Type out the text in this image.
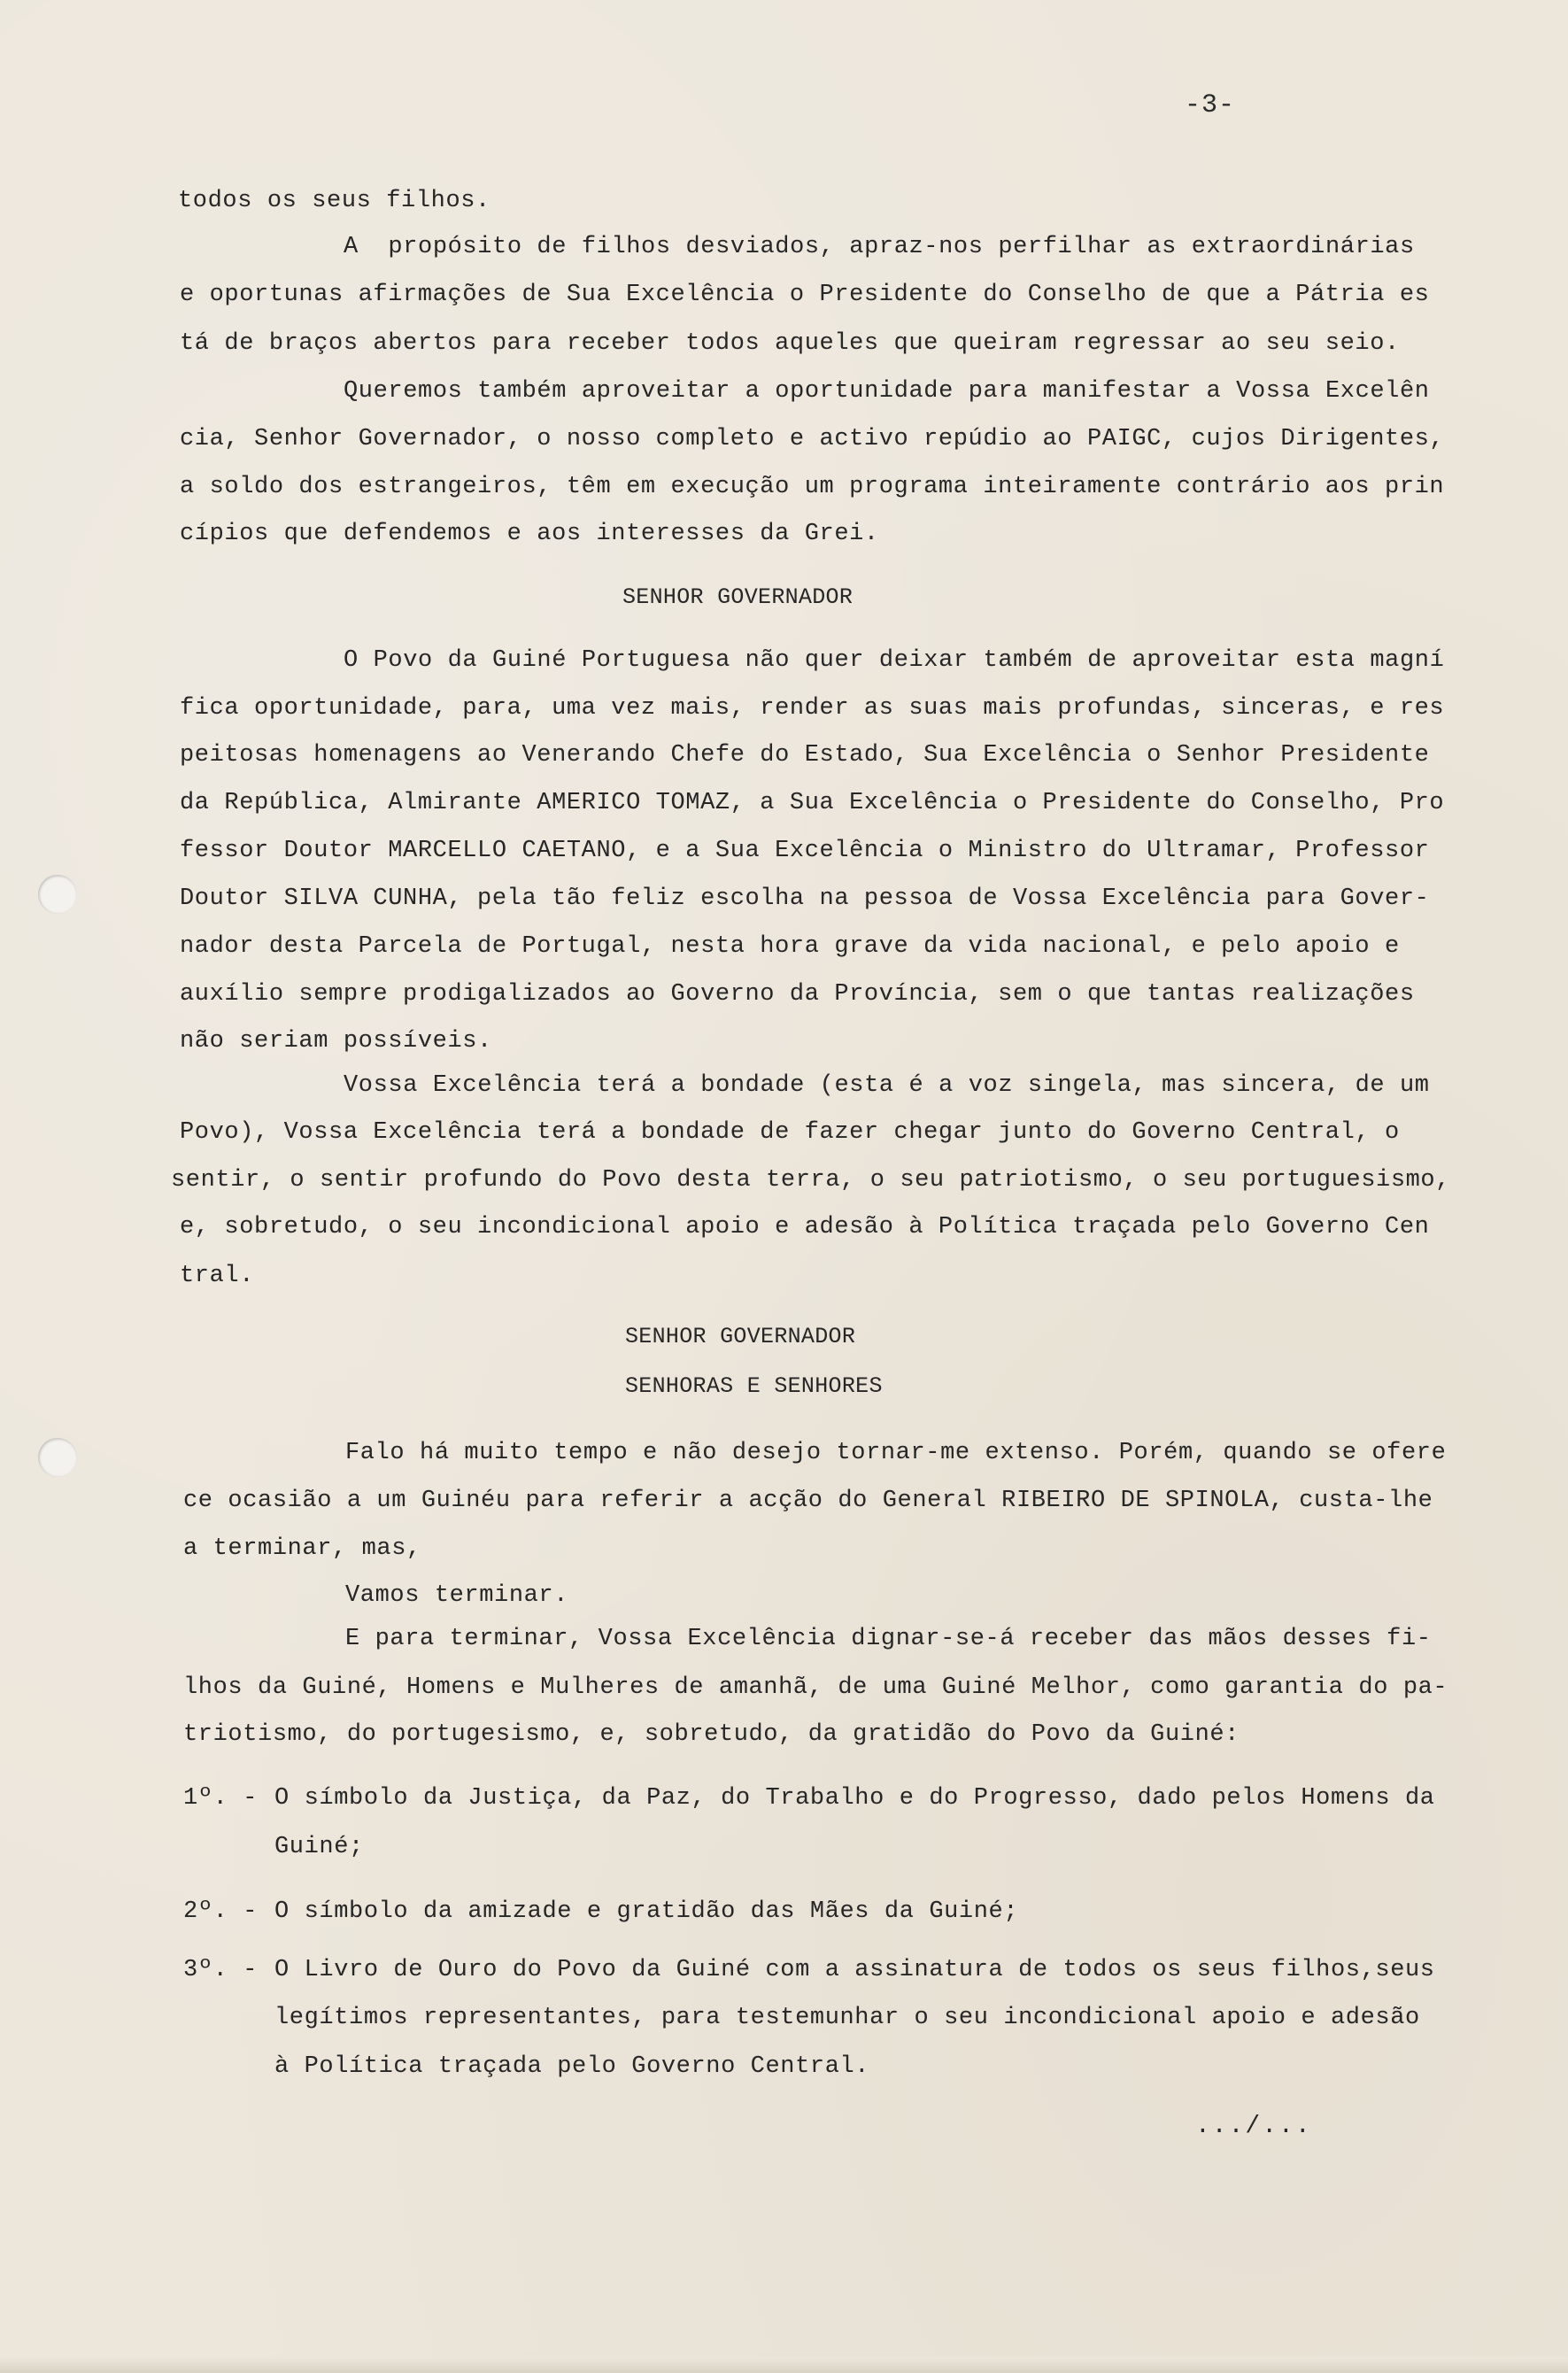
-3-
todos os seus filhos.
A  propósito de filhos desviados, apraz-nos perfilhar as extraordinárias
e oportunas afirmações de Sua Excelência o Presidente do Conselho de que a Pátria es
tá de braços abertos para receber todos aqueles que queiram regressar ao seu seio.
Queremos também aproveitar a oportunidade para manifestar a Vossa Excelên
cia, Senhor Governador, o nosso completo e activo repúdio ao PAIGC, cujos Dirigentes,
a soldo dos estrangeiros, têm em execução um programa inteiramente contrário aos prin
cípios que defendemos e aos interesses da Grei.
SENHOR GOVERNADOR
O Povo da Guiné Portuguesa não quer deixar também de aproveitar esta magní
fica oportunidade, para, uma vez mais, render as suas mais profundas, sinceras, e res
peitosas homenagens ao Venerando Chefe do Estado, Sua Excelência o Senhor Presidente
da República, Almirante AMERICO TOMAZ, a Sua Excelência o Presidente do Conselho, Pro
fessor Doutor MARCELLO CAETANO, e a Sua Excelência o Ministro do Ultramar, Professor
Doutor SILVA CUNHA, pela tão feliz escolha na pessoa de Vossa Excelência para Gover-
nador desta Parcela de Portugal, nesta hora grave da vida nacional, e pelo apoio e
auxílio sempre prodigalizados ao Governo da Província, sem o que tantas realizações
não seriam possíveis.
Vossa Excelência terá a bondade (esta é a voz singela, mas sincera, de um
Povo), Vossa Excelência terá a bondade de fazer chegar junto do Governo Central, o
sentir, o sentir profundo do Povo desta terra, o seu patriotismo, o seu portuguesismo,
e, sobretudo, o seu incondicional apoio e adesão à Política traçada pelo Governo Cen
tral.
SENHOR GOVERNADOR
SENHORAS E SENHORES
Falo há muito tempo e não desejo tornar-me extenso. Porém, quando se ofere
ce ocasião a um Guinéu para referir a acção do General RIBEIRO DE SPINOLA, custa-lhe
a terminar, mas,
Vamos terminar.
E para terminar, Vossa Excelência dignar-se-á receber das mãos desses fi-
lhos da Guiné, Homens e Mulheres de amanhã, de uma Guiné Melhor, como garantia do pa-
triotismo, do portugesismo, e, sobretudo, da gratidão do Povo da Guiné:
1º. - O símbolo da Justiça, da Paz, do Trabalho e do Progresso, dado pelos Homens da
Guiné;
2º. - O símbolo da amizade e gratidão das Mães da Guiné;
3º. - O Livro de Ouro do Povo da Guiné com a assinatura de todos os seus filhos,seus
legítimos representantes, para testemunhar o seu incondicional apoio e adesão
à Política traçada pelo Governo Central.
.../...
